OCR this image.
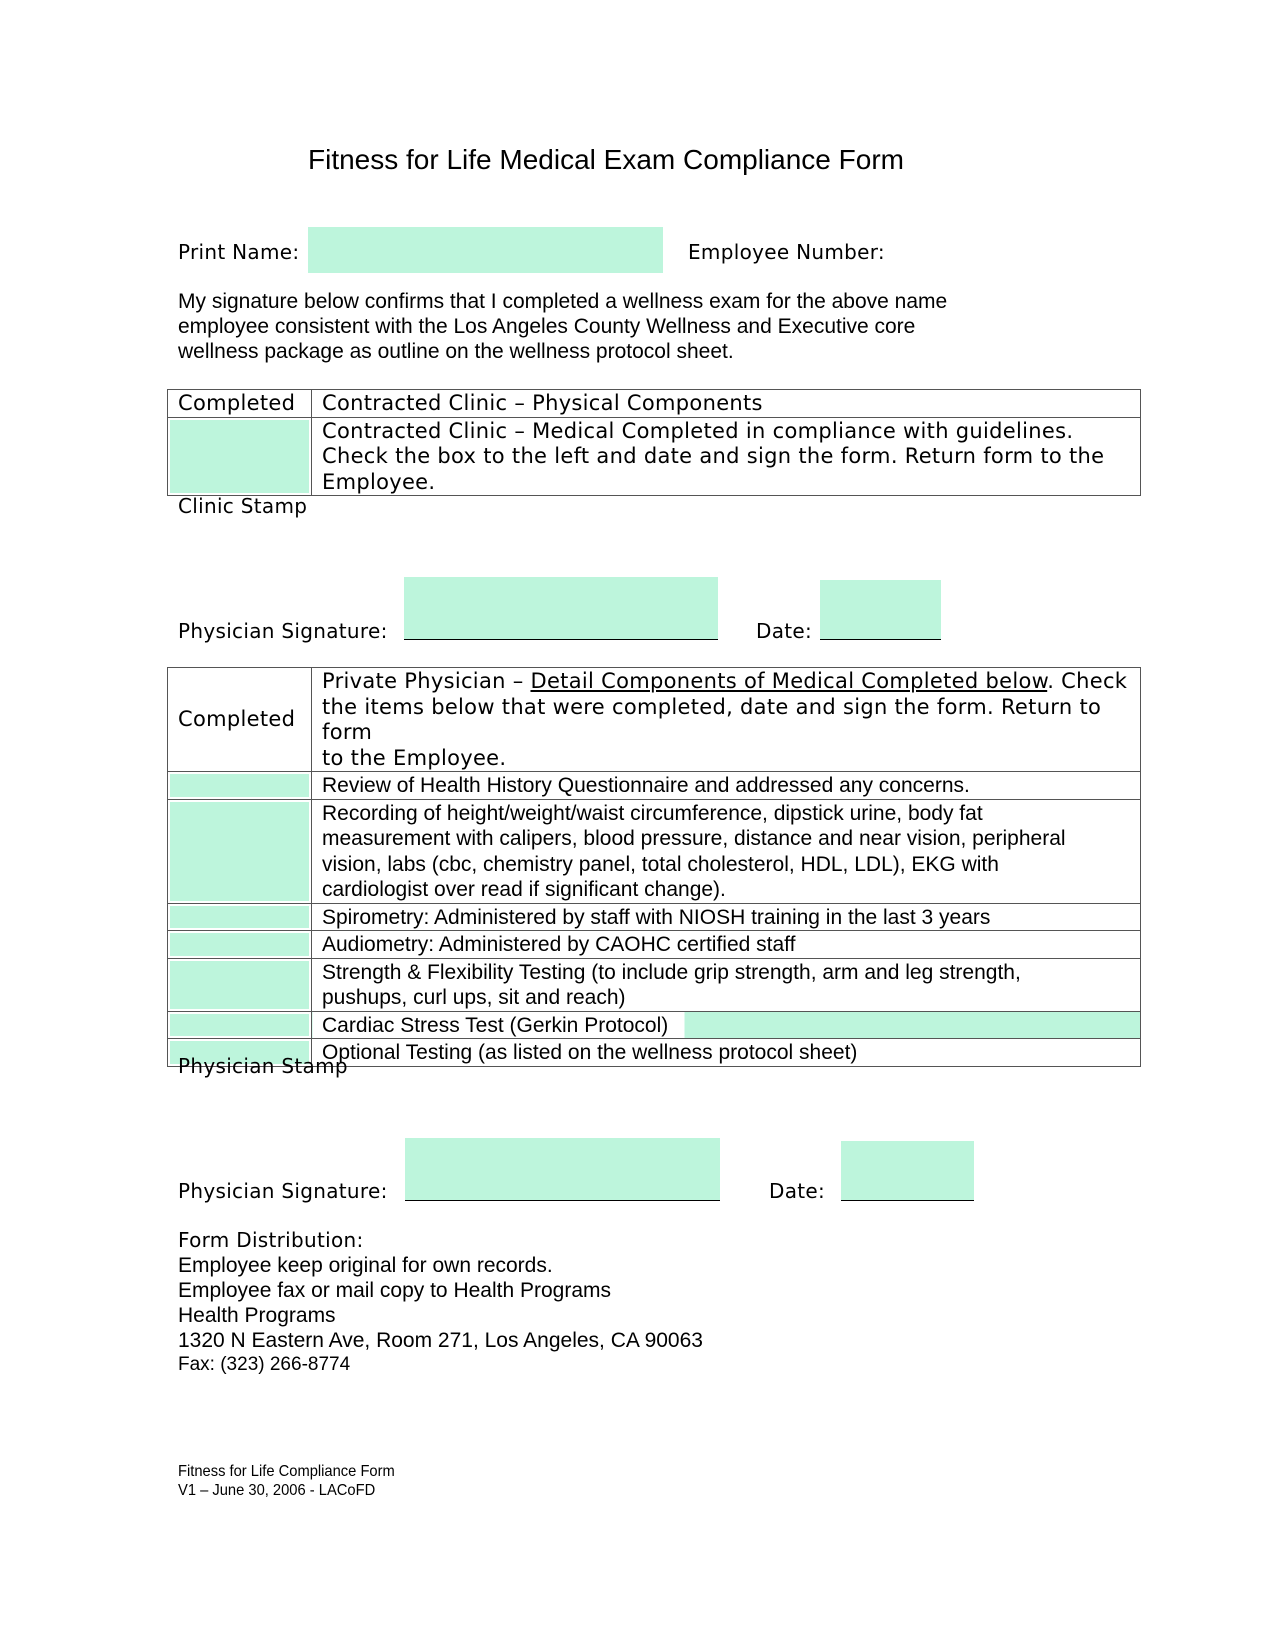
Fitness for Life Medical Exam Compliance Form
Print Name:	Employee Number:
My signature below confirms that I completed a wellness exam for the above name
employee consistent with the Los Angeles County Wellness and Executive core
wellness package as outline on the wellness protocol sheet.
Completed	Contracted Clinic – Physical Components

	Contracted Clinic – Medical Completed in compliance with guidelines.
Check the box to the left and date and sign the form. Return form to the
Employee.
Clinic Stamp
Physician Signature:	Date:
Completed	Private Physician – Detail Components of Medical Completed below. Check
the items below that were completed, date and sign the form. Return to form
to the Employee.

	Review of Health History Questionnaire and addressed any concerns.

	Recording of height/weight/waist circumference, dipstick urine, body fat
measurement with calipers, blood pressure, distance and near vision, peripheral
vision, labs (cbc, chemistry panel, total cholesterol, HDL, LDL), EKG with
cardiologist over read if significant change).

	Spirometry: Administered by staff with NIOSH training in the last 3 years

	Audiometry: Administered by CAOHC certified staff

	Strength & Flexibility Testing (to include grip strength, arm and leg strength,
pushups, curl ups, sit and reach)

	Cardiac Stress Test (Gerkin Protocol)

	Optional Testing (as listed on the wellness protocol sheet)
Physician Stamp
Physician Signature:	Date:
Form Distribution:
Employee keep original for own records.
Employee fax or mail copy to Health Programs
Health Programs
1320 N Eastern Ave, Room 271, Los Angeles, CA 90063
Fax: (323) 266-8774
Fitness for Life Compliance Form
V1 – June 30, 2006 - LACoFD
